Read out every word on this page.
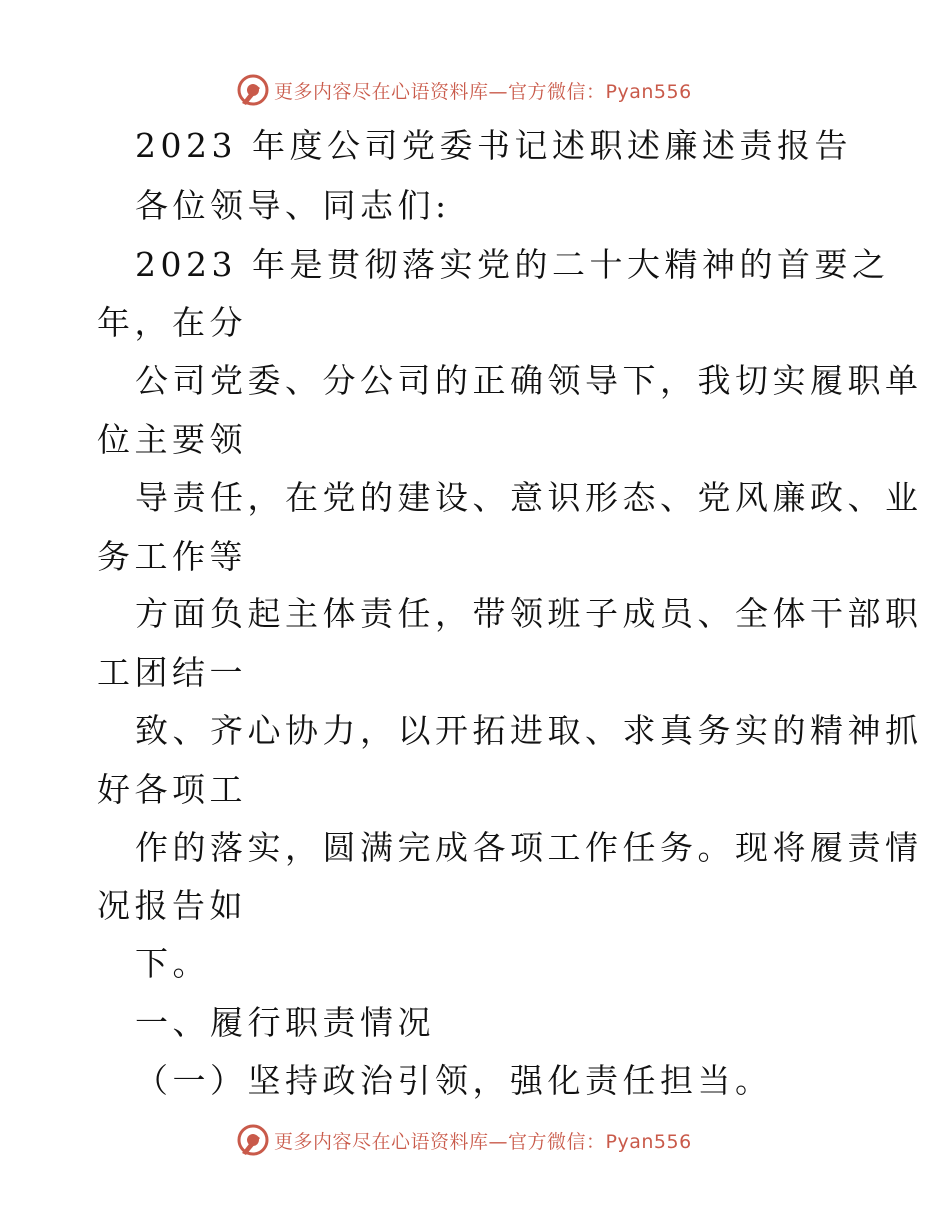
更多内容尽在心语资料库—官方微信：Pyan556
2023 年度公司党委书记述职述廉述责报告
各位领导、同志们:
2023 年是贯彻落实党的二十大精神的首要之
年，在分
公司党委、分公司的正确领导下，我切实履职单
位主要领
导责任，在党的建设、意识形态、党风廉政、业
务工作等
方面负起主体责任，带领班子成员、全体干部职
工团结一
致、齐心协力，以开拓进取、求真务实的精神抓
好各项工
作的落实，圆满完成各项工作任务。现将履责情
况报告如
下。
一、履行职责情况
（一）坚持政治引领，强化责任担当。
更多内容尽在心语资料库—官方微信：Pyan556
